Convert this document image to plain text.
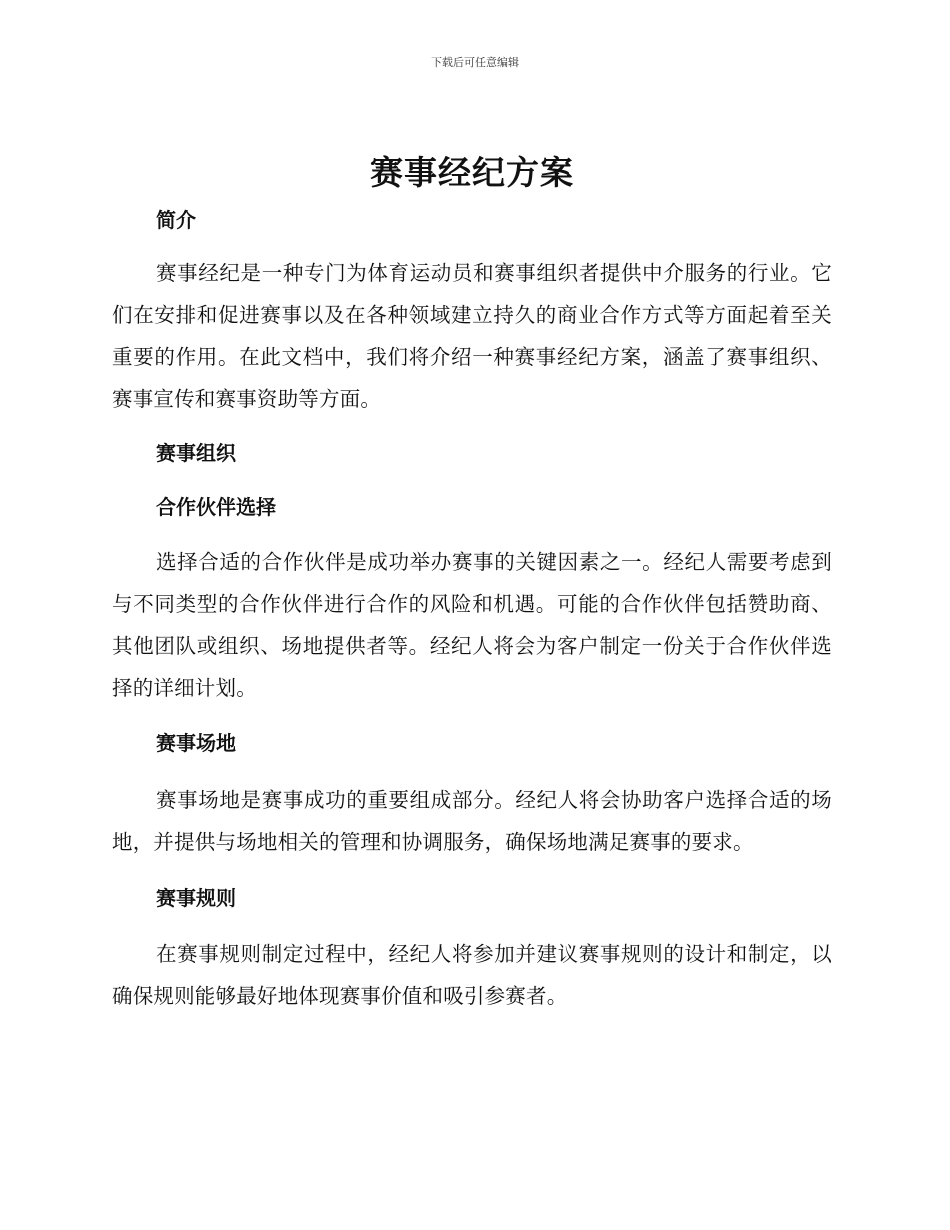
下载后可任意编辑
赛事经纪方案
简介

赛事经纪是一种专门为体育运动员和赛事组织者提供中介服务的行业。它们在安排和促进赛事以及在各种领域建立持久的商业合作方式等方面起着至关重要的作用。在此文档中，我们将介绍一种赛事经纪方案，涵盖了赛事组织、赛事宣传和赛事资助等方面。

赛事组织
合作伙伴选择

选择合适的合作伙伴是成功举办赛事的关键因素之一。经纪人需要考虑到与不同类型的合作伙伴进行合作的风险和机遇。可能的合作伙伴包括赞助商、其他团队或组织、场地提供者等。经纪人将会为客户制定一份关于合作伙伴选择的详细计划。

赛事场地

赛事场地是赛事成功的重要组成部分。经纪人将会协助客户选择合适的场地，并提供与场地相关的管理和协调服务，确保场地满足赛事的要求。

赛事规则

在赛事规则制定过程中，经纪人将参加并建议赛事规则的设计和制定，以确保规则能够最好地体现赛事价值和吸引参赛者。
